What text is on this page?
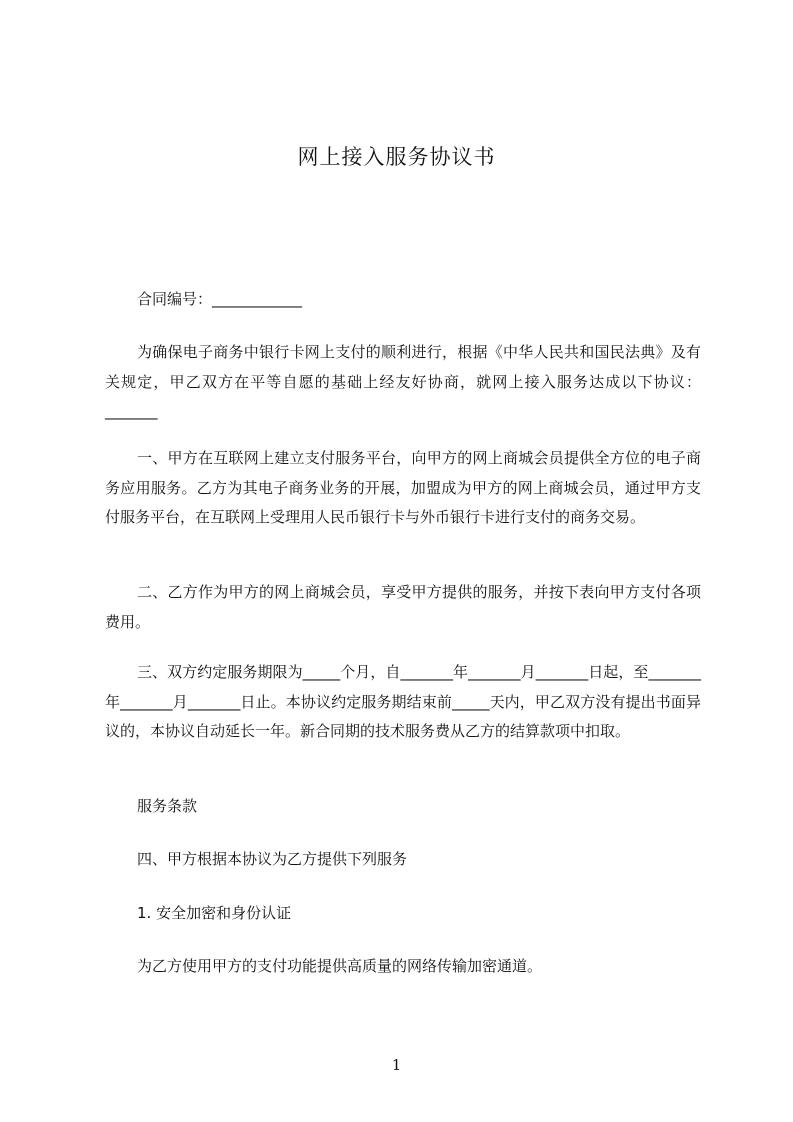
网上接入服务协议书

合同编号：____________

为确保电子商务中银行卡网上支付的顺利进行，根据《中华人民共和国民法典》及有关规定，甲乙双方在平等自愿的基础上经友好协商，就网上接入服务达成以下协议：_______

一、甲方在互联网上建立支付服务平台，向甲方的网上商城会员提供全方位的电子商务应用服务。乙方为其电子商务业务的开展，加盟成为甲方的网上商城会员，通过甲方支付服务平台，在互联网上受理用人民币银行卡与外币银行卡进行支付的商务交易。

二、乙方作为甲方的网上商城会员，享受甲方提供的服务，并按下表向甲方支付各项费用。

三、双方约定服务期限为_____个月，自_______年_______月_______日起，至_______年_______月_______日止。本协议约定服务期结束前_____天内，甲乙双方没有提出书面异议的，本协议自动延长一年。新合同期的技术服务费从乙方的结算款项中扣取。

服务条款

四、甲方根据本协议为乙方提供下列服务

1. 安全加密和身份认证

为乙方使用甲方的支付功能提供高质量的网络传输加密通道。

1
